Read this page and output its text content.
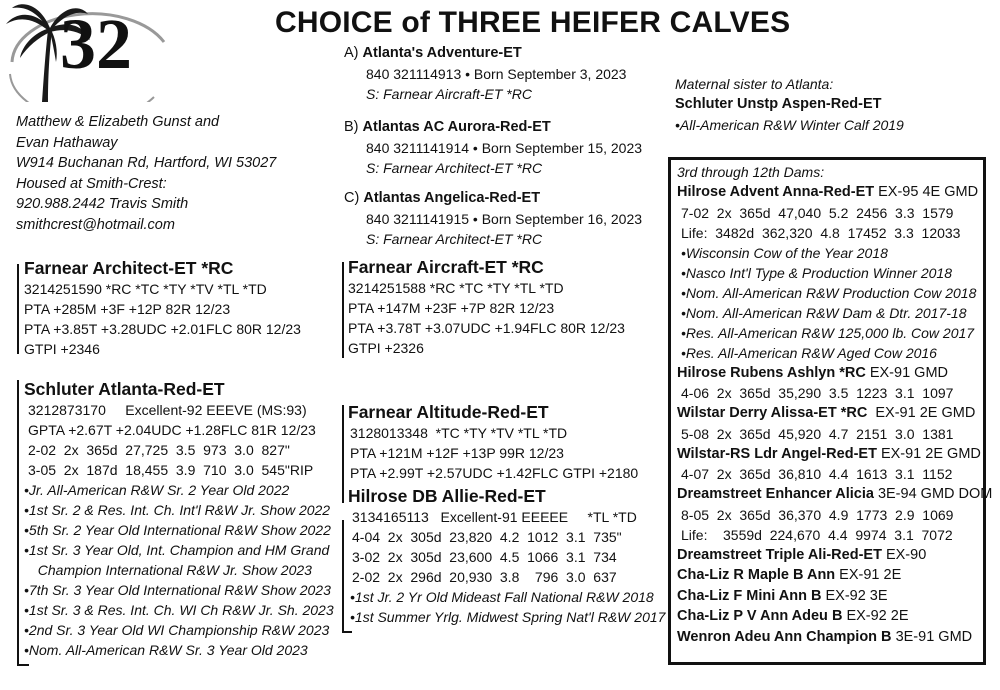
32	CHOICE of THREE HEIFER CALVES
Matthew & Elizabeth Gunst and
Evan Hathaway
W914 Buchanan Rd, Hartford, WI 53027
Housed at Smith-Crest:
920.988.2442 Travis Smith
smithcrest@hotmail.com
A) Atlanta's Adventure-ET
840 321114913 • Born September 3, 2023
S: Farnear Aircraft-ET *RC
B) Atlantas AC Aurora-Red-ET
840 3211141914 • Born September 15, 2023
S: Farnear Architect-ET *RC
C) Atlantas Angelica-Red-ET
840 3211141915 • Born September 16, 2023
S: Farnear Architect-ET *RC
Maternal sister to Atlanta:
Schluter Unstp Aspen-Red-ET
•All-American R&W Winter Calf 2019
Farnear Architect-ET *RC
3214251590 *RC *TC *TY *TV *TL *TD
PTA +285M +3F +12P 82R 12/23
PTA +3.85T +3.28UDC +2.01FLC 80R 12/23
GTPI +2346
Farnear Aircraft-ET *RC
3214251588 *RC *TC *TY *TL *TD
PTA +147M +23F +7P 82R 12/23
PTA +3.78T +3.07UDC +1.94FLC 80R 12/23
GTPI +2326
Schluter Atlanta-Red-ET
3212873170     Excellent-92 EEEVE (MS:93)
GPTA +2.67T +2.04UDC +1.28FLC 81R 12/23
2-02  2x  365d  27,725  3.5  973  3.0  827"
3-05  2x  187d  18,455  3.9  710  3.0  545"RIP
•Jr. All-American R&W Sr. 2 Year Old 2022
•1st Sr. 2 & Res. Int. Ch. Int'l R&W Jr. Show 2022
•5th Sr. 2 Year Old International R&W Show 2022
•1st Sr. 3 Year Old, Int. Champion and HM Grand
Champion International R&W Jr. Show 2023
•7th Sr. 3 Year Old International R&W Show 2023
•1st Sr. 3 & Res. Int. Ch. WI Ch R&W Jr. Sh. 2023
•2nd Sr. 3 Year Old WI Championship R&W 2023
•Nom. All-American R&W Sr. 3 Year Old 2023
Farnear Altitude-Red-ET
3128013348  *TC *TY *TV *TL *TD
PTA +121M +12F +13P 99R 12/23
PTA +2.99T +2.57UDC +1.42FLC GTPI +2180
Hilrose DB Allie-Red-ET
3134165113   Excellent-91 EEEEE     *TL *TD
4-04  2x  305d  23,820  4.2  1012  3.1  735"
3-02  2x  305d  23,600  4.5  1066  3.1  734
2-02  2x  296d  20,930  3.8    796  3.0  637
•1st Jr. 2 Yr Old Mideast Fall National R&W 2018
•1st Summer Yrlg. Midwest Spring Nat'l R&W 2017
3rd through 12th Dams:
Hilrose Advent Anna-Red-ET EX-95 4E GMD
7-02  2x  365d  47,040  5.2  2456  3.3  1579
Life:  3482d  362,320  4.8  17452  3.3  12033
•Wisconsin Cow of the Year 2018
•Nasco Int'l Type & Production Winner 2018
•Nom. All-American R&W Production Cow 2018
•Nom. All-American R&W Dam & Dtr. 2017-18
•Res. All-American R&W 125,000 lb. Cow 2017
•Res. All-American R&W Aged Cow 2016
Hilrose Rubens Ashlyn *RC EX-91 GMD
4-06  2x  365d  35,290  3.5  1223  3.1  1097
Wilstar Derry Alissa-ET *RC  EX-91 2E GMD
5-08  2x  365d  45,920  4.7  2151  3.0  1381
Wilstar-RS Ldr Angel-Red-ET EX-91 2E GMD
4-07  2x  365d  36,810  4.4  1613  3.1  1152
Dreamstreet Enhancer Alicia 3E-94 GMD DOM
8-05  2x  365d  36,370  4.9  1773  2.9  1069
Life:    3559d  224,670  4.4  9974  3.1  7072
Dreamstreet Triple Ali-Red-ET EX-90
Cha-Liz R Maple B Ann EX-91 2E
Cha-Liz F Mini Ann B EX-92 3E
Cha-Liz P V Ann Adeu B EX-92 2E
Wenron Adeu Ann Champion B 3E-91 GMD
